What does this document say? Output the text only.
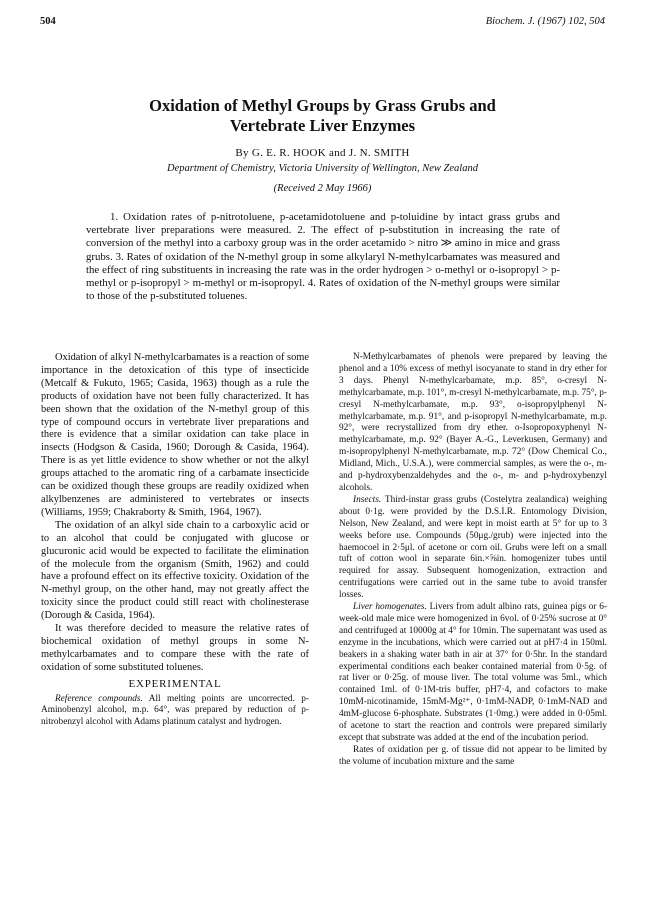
504	Biochem. J. (1967) 102, 504
Oxidation of Methyl Groups by Grass Grubs and
Vertebrate Liver Enzymes
By G. E. R. HOOK and J. N. SMITH
Department of Chemistry, Victoria University of Wellington, New Zealand
(Received 2 May 1966)

1. Oxidation rates of p-nitrotoluene, p-acetamidotoluene and p-toluidine by intact grass grubs and vertebrate liver preparations were measured. 2. The effect of p-substitution in increasing the rate of conversion of the methyl into a carboxy group was in the order acetamido > nitro ≫ amino in mice and grass grubs. 3. Rates of oxidation of the N-methyl group in some alkylaryl N-methylcarbamates was measured and the effect of ring substituents in increasing the rate was in the order hydrogen > o-methyl or o-isopropyl > p-methyl or p-isopropyl > m-methyl or m-isopropyl. 4. Rates of oxidation of the N-methyl groups were similar to those of the p-substituted toluenes.

Oxidation of alkyl N-methylcarbamates is a reaction of some importance in the detoxication of this type of insecticide (Metcalf & Fukuto, 1965; Casida, 1963) though as a rule the products of oxidation have not been fully characterized. It has been shown that the oxidation of the N-methyl group of this type of compound occurs in vertebrate liver preparations and there is evidence that a similar oxidation can take place in insects (Hodgson & Casida, 1960; Dorough & Casida, 1964). There is as yet little evidence to show whether or not the alkyl groups attached to the aromatic ring of a carbamate insecticide can be oxidized though these groups are readily oxidized when alkylbenzenes are administered to vertebrates or insects (Williams, 1959; Chakraborty & Smith, 1964, 1967).

The oxidation of an alkyl side chain to a carboxylic acid or to an alcohol that could be conjugated with glucose or glucuronic acid would be expected to facilitate the elimination of the molecule from the organism (Smith, 1962) and could have a profound effect on its effective toxicity. Oxidation of the N-methyl group, on the other hand, may not greatly affect the toxicity since the product could still react with cholinesterase (Dorough & Casida, 1964).

It was therefore decided to measure the relative rates of biochemical oxidation of methyl groups in some N-methylcarbamates and to compare these with the rate of oxidation of some substituted toluenes.

EXPERIMENTAL

Reference compounds. All melting points are uncorrected. p-Aminobenzyl alcohol, m.p. 64°, was prepared by reduction of p-nitrobenzyl alcohol with Adams platinum catalyst and hydrogen.

N-Methylcarbamates of phenols were prepared by leaving the phenol and a 10% excess of methyl isocyanate to stand in dry ether for 3 days. Phenyl N-methylcarbamate, m.p. 85°, o-cresyl N-methylcarbamate, m.p. 101°, m-cresyl N-methylcarbamate, m.p. 75°, p-cresyl N-methylcarbamate, m.p. 93°, o-isopropylphenyl N-methylcarbamate, m.p. 91°, and p-isopropyl N-methylcarbamate, m.p. 92°, were recrystallized from dry ether. o-Isopropoxyphenyl N-methylcarbamate, m.p. 92° (Bayer A.-G., Leverkusen, Germany) and m-isopropylphenyl N-methylcarbamate, m.p. 72° (Dow Chemical Co., Midland, Mich., U.S.A.), were commercial samples, as were the o-, m- and p-hydroxybenzaldehydes and the o-, m- and p-hydroxybenzyl alcohols.

Insects. Third-instar grass grubs (Costelytra zealandica) weighing about 0·1g. were provided by the D.S.I.R. Entomology Division, Nelson, New Zealand, and were kept in moist earth at 5° for up to 3 weeks before use. Compounds (50μg./grub) were injected into the haemocoel in 2·5μl. of acetone or corn oil. Grubs were left on a small tuft of cotton wool in separate 6in.×⅝in. homogenizer tubes until required for assay. Subsequent homogenization, extraction and centrifugations were carried out in the same tube to avoid transfer losses.

Liver homogenates. Livers from adult albino rats, guinea pigs or 6-week-old male mice were homogenized in 6vol. of 0·25% sucrose at 0° and centrifuged at 10000g at 4° for 10min. The supernatant was used as enzyme in the incubations, which were carried out at pH7·4 in 150ml. beakers in a shaking water bath in air at 37° for 0·5hr. In the standard experimental conditions each beaker contained material from 0·5g. of rat liver or 0·25g. of mouse liver. The total volume was 5ml., which contained 1ml. of 0·1M-tris buffer, pH7·4, and cofactors to make 10mM-nicotinamide, 15mM-Mg²⁺, 0·1mM-NADP, 0·1mM-NAD and 4mM-glucose 6-phosphate. Substrates (1·0mg.) were added in 0·05ml. of acetone to start the reaction and controls were prepared similarly except that substrate was added at the end of the incubation period.

Rates of oxidation per g. of tissue did not appear to be limited by the volume of incubation mixture and the same
